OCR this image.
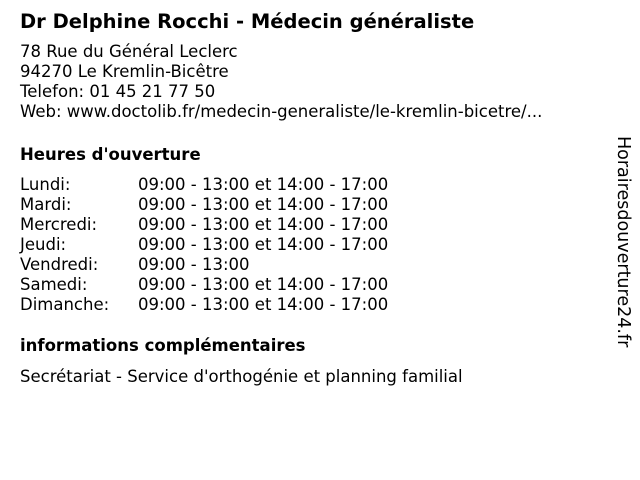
Dr Delphine Rocchi - Médecin généraliste
78 Rue du Général Leclerc
94270 Le Kremlin-Bicêtre
Telefon: 01 45 21 77 50
Web: www.doctolib.fr/medecin-generaliste/le-kremlin-bicetre/...
Heures d'ouverture
Lundi:	09:00 - 13:00 et 14:00 - 17:00
Mardi:	09:00 - 13:00 et 14:00 - 17:00
Mercredi:	09:00 - 13:00 et 14:00 - 17:00
Jeudi:	09:00 - 13:00 et 14:00 - 17:00
Vendredi:	09:00 - 13:00
Samedi:	09:00 - 13:00 et 14:00 - 17:00
Dimanche:	09:00 - 13:00 et 14:00 - 17:00
informations complémentaires
Secrétariat - Service d'orthogénie et planning familial
Horairesdouverture24.fr
